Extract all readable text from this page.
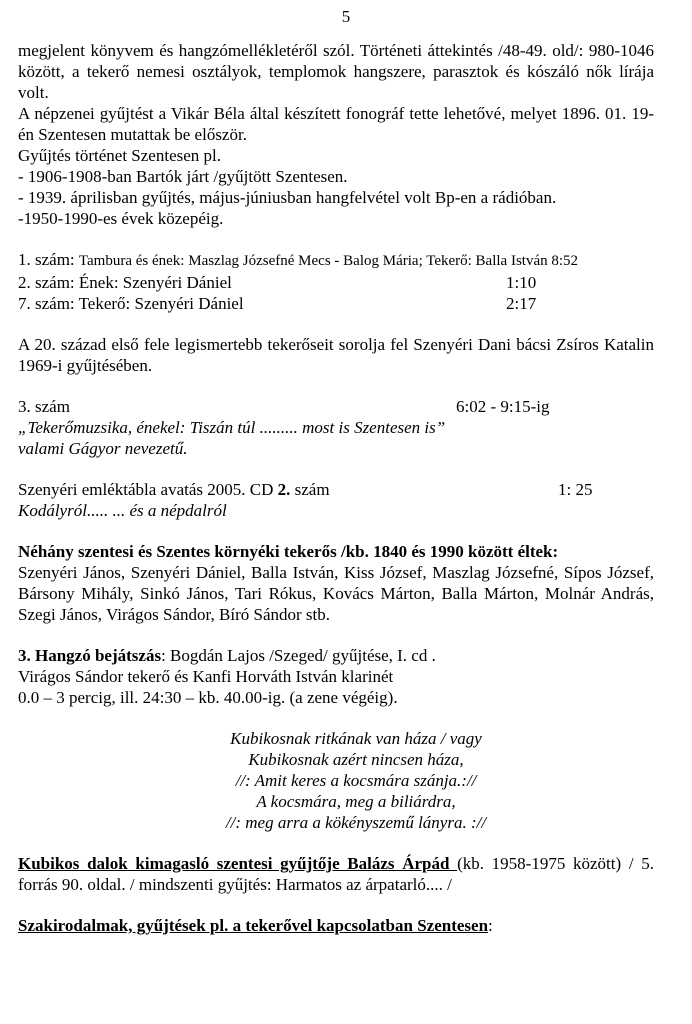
5

megjelent könyvem és hangzómellékletéről szól. Történeti áttekintés /48-49. old/: 980-1046 között, a tekerő nemesi osztályok, templomok hangszere, parasztok és kószáló nők lírája volt.

A népzenei gyűjtést a Vikár Béla által készített fonográf tette lehetővé, melyet 1896. 01. 19-én Szentesen mutattak be először.

Gyűjtés történet Szentesen pl.

- 1906-1908-ban Bartók járt /gyűjtött Szentesen.

- 1939. áprilisban gyűjtés, május-júniusban hangfelvétel volt Bp-en a rádióban.

-1950-1990-es évek közepéig.

1. szám: Tambura és ének: Maszlag Józsefné Mecs - Balog Mária; Tekerő: Balla István 8:52

2. szám: Ének: Szenyéri Dániel	1:10
7. szám: Tekerő: Szenyéri Dániel	2:17

A 20. század első fele legismertebb tekerőseit sorolja fel Szenyéri Dani bácsi Zsíros Katalin 1969-i gyűjtésében.

3. szám	6:02 - 9:15-ig

„Tekerőmuzsika, énekel: Tiszán túl ......... most is Szentesen is”

valami Gágyor nevezetű.

Szenyéri emléktábla avatás 2005. CD 2. szám	1: 25

Kodályról..... ... és a népdalról

Néhány szentesi és Szentes környéki tekerős /kb. 1840 és 1990 között éltek:

Szenyéri János, Szenyéri Dániel, Balla István, Kiss József, Maszlag Józsefné, Sípos József, Bársony Mihály, Sinkó János, Tari Rókus, Kovács Márton, Balla Márton, Molnár András, Szegi János, Virágos Sándor, Bíró Sándor stb.

3. Hangzó bejátszás: Bogdán Lajos /Szeged/ gyűjtése, I. cd .

Virágos Sándor tekerő és Kanfi Horváth István klarinét

0.0 – 3 percig, ill. 24:30 – kb. 40.00-ig. (a zene végéig).

Kubikosnak ritkának van háza / vagy

Kubikosnak azért nincsen háza,

//: Amit keres a kocsmára szánja.://

A kocsmára, meg a biliárdra,

//: meg arra a kökényszemű lányra. ://

Kubikos dalok kimagasló szentesi gyűjtője Balázs Árpád (kb. 1958-1975 között) / 5. forrás 90. oldal. / mindszenti gyűjtés: Harmatos az árpatarló.... /

Szakirodalmak, gyűjtések pl. a tekerővel kapcsolatban Szentesen:
